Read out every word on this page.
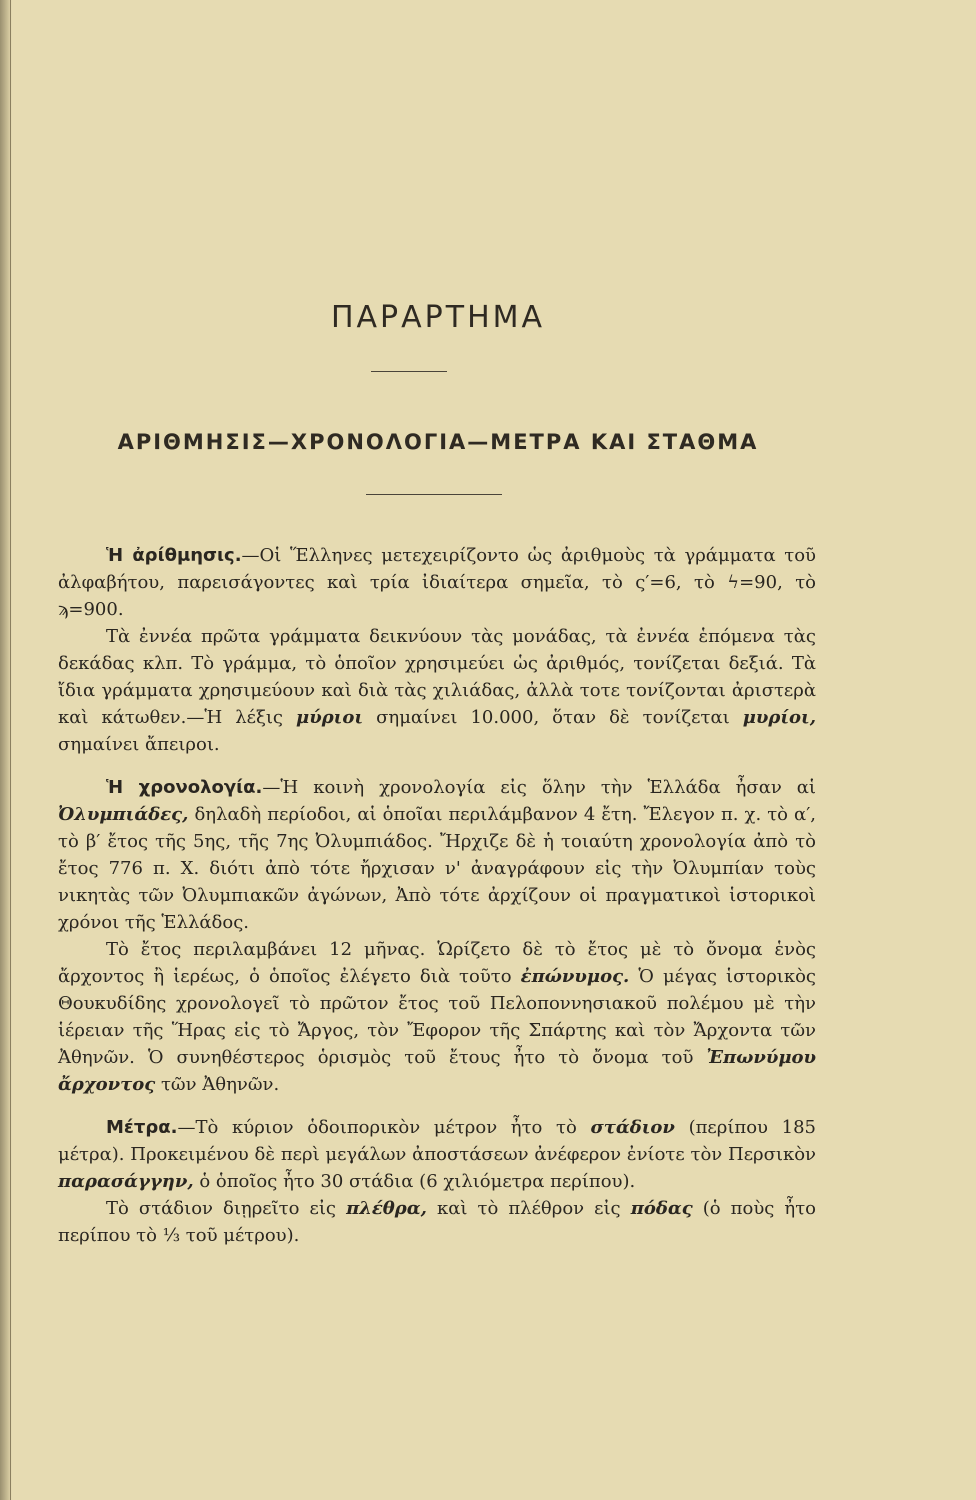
ΠΑΡΑΡΤΗΜΑ
ΑΡΙΘΜΗΣΙΣ—ΧΡΟΝΟΛΟΓΙΑ—ΜΕΤΡΑ ΚΑΙ ΣΤΑΘΜΑ

Ἡ ἀρίθμησις.—Οἱ Ἕλληνες μετεχειρίζοντο ὡς ἀριθμοὺς τὰ γράμματα τοῦ ἀλφαβήτου, παρεισάγοντες καὶ τρία ἰδιαίτερα σημεῖα, τὸ ς′=6, τὸ ϟ=90, τὸ ϡ=900.

Τὰ ἐννέα πρῶτα γράμματα δεικνύουν τὰς μονάδας, τὰ ἐννέα ἑπόμενα τὰς δεκάδας κλπ. Τὸ γράμμα, τὸ ὁποῖον χρησιμεύει ὡς ἀριθμός, τονίζεται δεξιά. Τὰ ἴδια γράμματα χρησιμεύουν καὶ διὰ τὰς χιλιάδας, ἀλλὰ τοτε τονίζονται ἀριστερὰ καὶ κάτωθεν.—Ἡ λέξις μύριοι σημαίνει 10.000, ὅταν δὲ τονίζεται μυρίοι, σημαίνει ἄπειροι.

Ἡ χρονολογία.—Ἡ κοινὴ χρονολογία εἰς ὅλην τὴν Ἑλλάδα ἦσαν αἱ Ὀλυμπιάδες, δηλαδὴ περίοδοι, αἱ ὁποῖαι περιλάμβανον 4 ἔτη. Ἔλεγον π. χ. τὸ α′, τὸ β′ ἔτος τῆς 5ης, τῆς 7ης Ὀλυμπιάδος. Ἤρχιζε δὲ ἡ τοιαύτη χρονολογία ἀπὸ τὸ ἔτος 776 π. Χ. διότι ἀπὸ τότε ἤρχισαν ν' ἀναγράφουν εἰς τὴν Ὀλυμπίαν τοὺς νικητὰς τῶν Ὀλυμπιακῶν ἀγώνων, Ἀπὸ τότε ἀρχίζουν οἱ πραγματικοὶ ἱστορικοὶ χρόνοι τῆς Ἑλλάδος.

Τὸ ἔτος περιλαμβάνει 12 μῆνας. Ὡρίζετο δὲ τὸ ἔτος μὲ τὸ ὄνομα ἑνὸς ἄρχοντος ἢ ἱερέως, ὁ ὁποῖος ἐλέγετο διὰ τοῦτο ἐπώνυμος. Ὁ μέγας ἱστορικὸς Θουκυδίδης χρονολογεῖ τὸ πρῶτον ἔτος τοῦ Πελοποννησιακοῦ πολέμου μὲ τὴν ἱέρειαν τῆς Ἥρας εἰς τὸ Ἄργος, τὸν Ἔφορον τῆς Σπάρτης καὶ τὸν Ἄρχοντα τῶν Ἀθηνῶν. Ὁ συνηθέστερος ὁρισμὸς τοῦ ἔτους ἦτο τὸ ὄνομα τοῦ Ἐπωνύμου ἄρχοντος τῶν Ἀθηνῶν.

Μέτρα.—Τὸ κύριον ὁδοιπορικὸν μέτρον ἦτο τὸ στάδιον (περίπου 185 μέτρα). Προκειμένου δὲ περὶ μεγάλων ἀποστάσεων ἀνέφερον ἐνίοτε τὸν Περσικὸν παρασάγγην, ὁ ὁποῖος ἦτο 30 στάδια (6 χιλιόμετρα περίπου).

Τὸ στάδιον διῃρεῖτο εἰς πλέθρα, καὶ τὸ πλέθρον εἰς πόδας (ὁ ποὺς ἦτο περίπου τὸ ⅓ τοῦ μέτρου).
